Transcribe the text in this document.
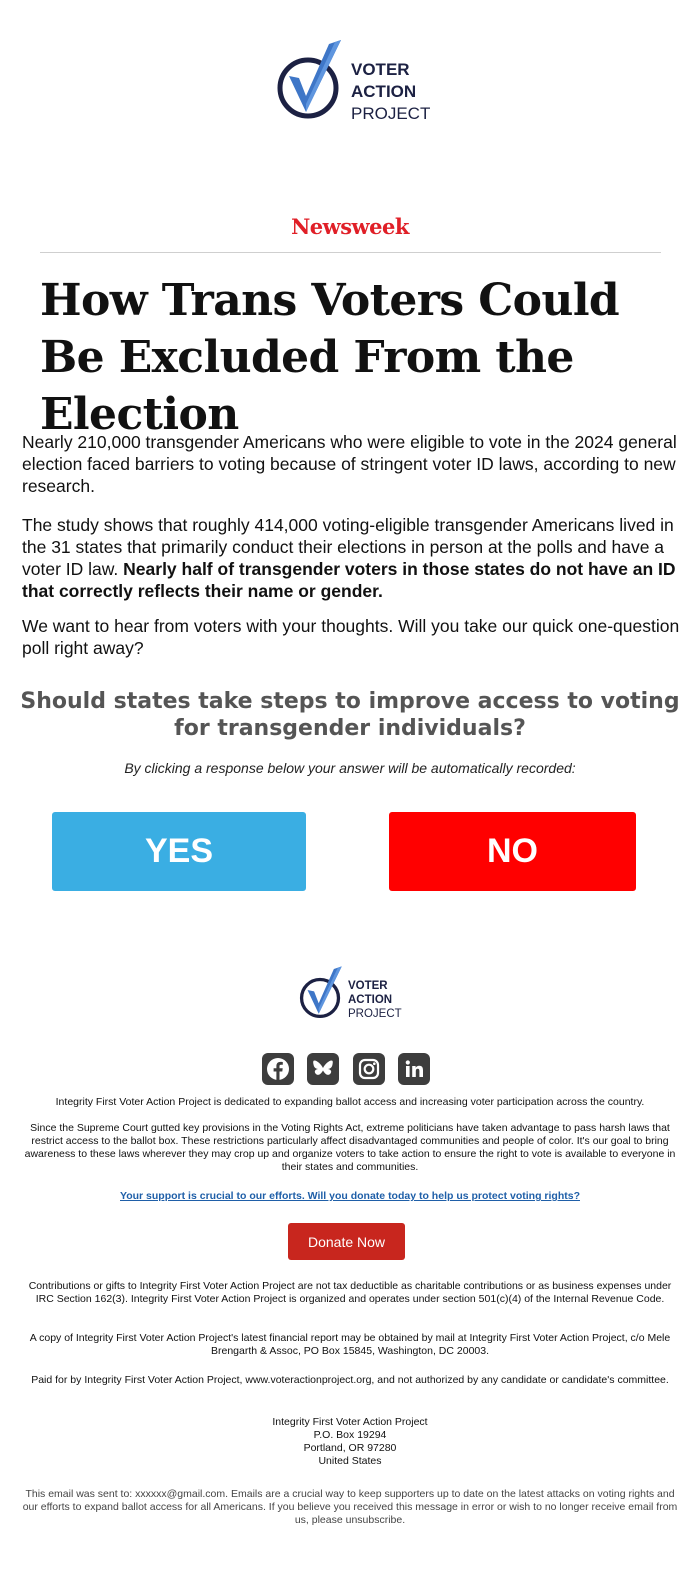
VOTER
ACTION
PROJECT
Newsweek
How Trans Voters Could Be Excluded From the Election

Nearly 210,000 transgender Americans who were eligible to vote in the 2024 general election faced barriers to voting because of stringent voter ID laws, according to new research.

The study shows that roughly 414,000 voting-eligible transgender Americans lived in the 31 states that primarily conduct their elections in person at the polls and have a voter ID law. Nearly half of transgender voters in those states do not have an ID that correctly reflects their name or gender.

We want to hear from voters with your thoughts. Will you take our quick one-question poll right away?

Should states take steps to improve access to voting for transgender individuals?
By clicking a response below your answer will be automatically recorded:
YES	NO
VOTER
ACTION
PROJECT

Integrity First Voter Action Project is dedicated to expanding ballot access and increasing voter participation across the country.

Since the Supreme Court gutted key provisions in the Voting Rights Act, extreme politicians have taken advantage to pass harsh laws that restrict access to the ballot box. These restrictions particularly affect disadvantaged communities and people of color. It's our goal to bring awareness to these laws wherever they may crop up and organize voters to take action to ensure the right to vote is available to everyone in their states and communities.

Your support is crucial to our efforts. Will you donate today to help us protect voting rights?

Donate Now

Contributions or gifts to Integrity First Voter Action Project are not tax deductible as charitable contributions or as business expenses under IRC Section 162(3). Integrity First Voter Action Project is organized and operates under section 501(c)(4) of the Internal Revenue Code.

A copy of Integrity First Voter Action Project's latest financial report may be obtained by mail at Integrity First Voter Action Project, c/o Mele Brengarth & Assoc, PO Box 15845, Washington, DC 20003.

Paid for by Integrity First Voter Action Project, www.voteractionproject.org, and not authorized by any candidate or candidate's committee.

Integrity First Voter Action Project
P.O. Box 19294
Portland, OR 97280
United States

This email was sent to: xxxxxx@gmail.com. Emails are a crucial way to keep supporters up to date on the latest attacks on voting rights and our efforts to expand ballot access for all Americans. If you believe you received this message in error or wish to no longer receive email from us, please unsubscribe.
